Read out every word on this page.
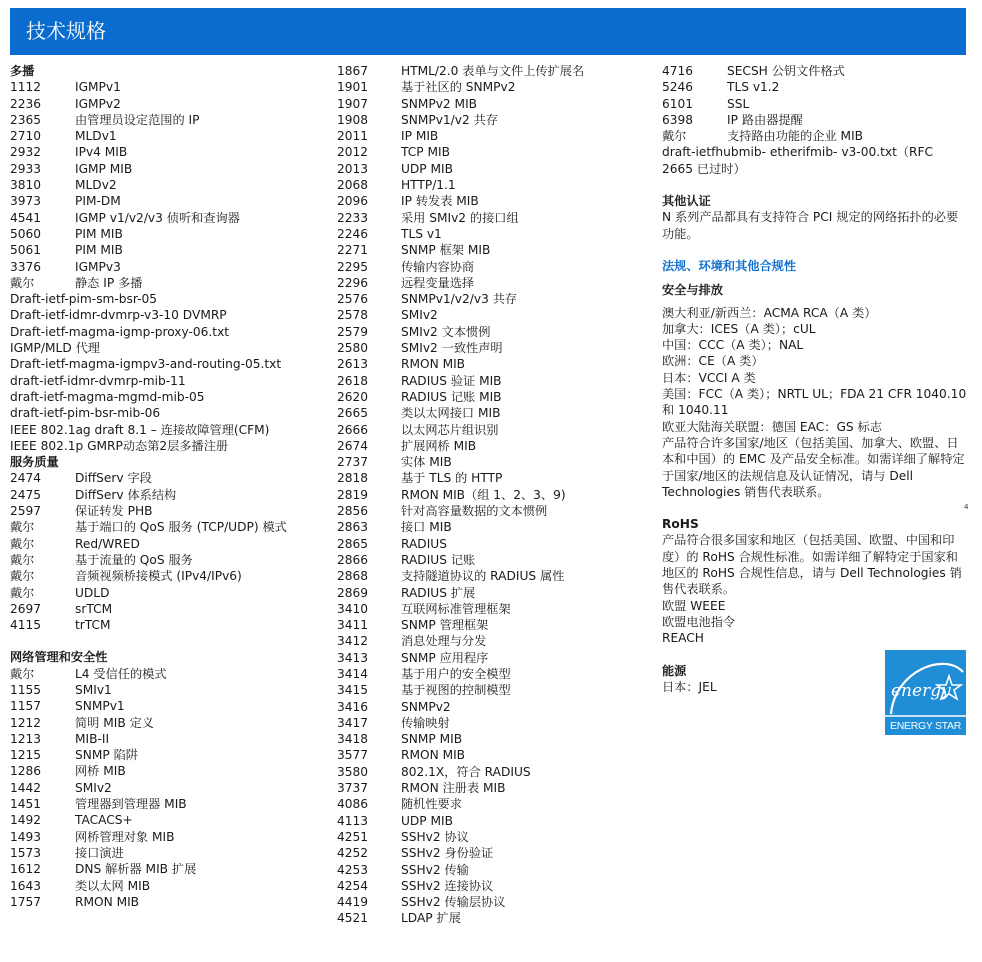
技术规格
多播
1112	IGMPv1
2236	IGMPv2
2365	由管理员设定范围的 IP
2710	MLDv1
2932	IPv4 MIB
2933	IGMP MIB
3810	MLDv2
3973	PIM-DM
4541	IGMP v1/v2/v3 侦听和查询器
5060	PIM MIB
5061	PIM MIB
3376	IGMPv3
戴尔	静态 IP 多播
Draft-ietf-pim-sm-bsr-05
Draft-ietf-idmr-dvmrp-v3-10 DVMRP
Draft-ietf-magma-igmp-proxy-06.txt
IGMP/MLD 代理
Draft-ietf-magma-igmpv3-and-routing-05.txt
draft-ietf-idmr-dvmrp-mib-11
draft-ietf-magma-mgmd-mib-05
draft-ietf-pim-bsr-mib-06
IEEE 802.1ag draft 8.1 – 连接故障管理(CFM)
IEEE 802.1p GMRP动态第2层多播注册
服务质量
2474	DiffServ 字段
2475	DiffServ 体系结构
2597	保证转发 PHB
戴尔	基于端口的 QoS 服务 (TCP/UDP) 模式
戴尔	Red/WRED
戴尔	基于流量的 QoS 服务
戴尔	音频视频桥接模式 (IPv4/IPv6)
戴尔	UDLD
2697	srTCM
4115	trTCM
网络管理和安全性
戴尔	L4 受信任的模式
1155	SMIv1
1157	SNMPv1
1212	简明 MIB 定义
1213	MIB-II
1215	SNMP 陷阱
1286	网桥 MIB
1442	SMIv2
1451	管理器到管理器 MIB
1492	TACACS+
1493	网桥管理对象 MIB
1573	接口演进
1612	DNS 解析器 MIB 扩展
1643	类以太网 MIB
1757	RMON MIB
1867	HTML/2.0 表单与文件上传扩展名
1901	基于社区的 SNMPv2
1907	SNMPv2 MIB
1908	SNMPv1/v2 共存
2011	IP MIB
2012	TCP MIB
2013	UDP MIB
2068	HTTP/1.1
2096	IP 转发表 MIB
2233	采用 SMIv2 的接口组
2246	TLS v1
2271	SNMP 框架 MIB
2295	传输内容协商
2296	远程变量选择
2576	SNMPv1/v2/v3 共存
2578	SMIv2
2579	SMIv2 文本惯例
2580	SMIv2 一致性声明
2613	RMON MIB
2618	RADIUS 验证 MIB
2620	RADIUS 记账 MIB
2665	类以太网接口 MIB
2666	以太网芯片组识别
2674	扩展网桥 MIB
2737	实体 MIB
2818	基于 TLS 的 HTTP
2819	RMON MIB（组 1、2、3、9)
2856	针对高容量数据的文本惯例
2863	接口 MIB
2865	RADIUS
2866	RADIUS 记账
2868	支持隧道协议的 RADIUS 属性
2869	RADIUS 扩展
3410	互联网标准管理框架
3411	SNMP 管理框架
3412	消息处理与分发
3413	SNMP 应用程序
3414	基于用户的安全模型
3415	基于视图的控制模型
3416	SNMPv2
3417	传输映射
3418	SNMP MIB
3577	RMON MIB
3580	802.1X，符合 RADIUS
3737	RMON 注册表 MIB
4086	随机性要求
4113	UDP MIB
4251	SSHv2 协议
4252	SSHv2 身份验证
4253	SSHv2 传输
4254	SSHv2 连接协议
4419	SSHv2 传输层协议
4521	LDAP 扩展
4716	SECSH 公钥文件格式
5246	TLS v1.2
6101	SSL
6398	IP 路由器提醒
戴尔	支持路由功能的企业 MIB
draft-ietfhubmib- etherifmib- v3-00.txt（RFC 2665 已过时）
其他认证
N 系列产品都具有支持符合 PCI 规定的网络拓扑的必要功能。
法规、环境和其他合规性
安全与排放
澳大利亚/新西兰：ACMA RCA（A 类）
加拿大：ICES（A 类）；cUL
中国：CCC（A 类）；NAL
欧洲：CE（A 类）
日本：VCCI A 类
美国：FCC（A 类）；NRTL UL；FDA 21 CFR 1040.10 和 1040.11
欧亚大陆海关联盟：德国 EAC：GS 标志
产品符合许多国家/地区（包括美国、加拿大、欧盟、日本和中国）的 EMC 及产品安全标准。如需详细了解特定于国家/地区的法规信息及认证情况，请与 Dell Technologies 销售代表联系。
RoHS
产品符合很多国家和地区（包括美国、欧盟、中国和印度）的 RoHS 合规性标准。如需详细了解特定于国家和地区的 RoHS 合规性信息，请与 Dell Technologies 销售代表联系。
欧盟 WEEE
欧盟电池指令
REACH
能源
日本：JEL
4
energy
ENERGY STAR
